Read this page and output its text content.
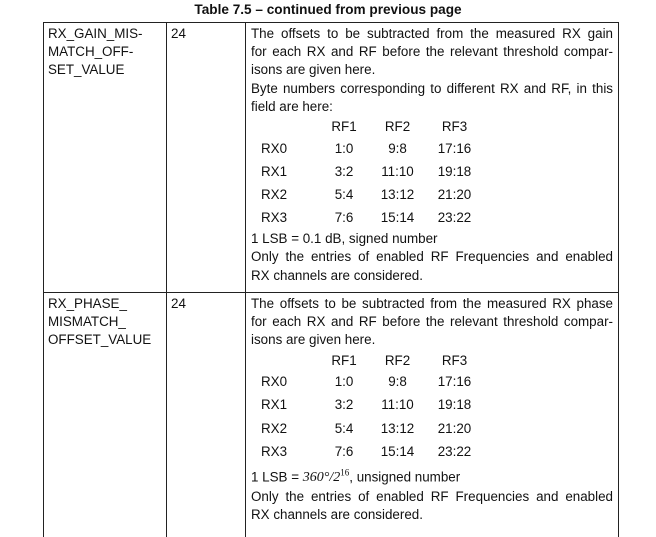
Table 7.5 – continued from previous page
RX_GAIN_MIS-
MATCH_OFF-
SET_VALUE
24	The offsets to be subtracted from the measured RX gain
for each RX and RF before the relevant threshold compar-
isons are given here.
Byte numbers corresponding to different RX and RF, in this
field are here:
	RF1	RF2	RF3
RX0	1:0	9:8	17:16
RX1	3:2	11:10	19:18
RX2	5:4	13:12	21:20
RX3	7:6	15:14	23:22
1 LSB = 0.1 dB, signed number
Only the entries of enabled RF Frequencies and enabled
RX channels are considered.
RX_PHASE_
MISMATCH_
OFFSET_VALUE
24	The offsets to be subtracted from the measured RX phase
for each RX and RF before the relevant threshold compar-
isons are given here.
	RF1	RF2	RF3
RX0	1:0	9:8	17:16
RX1	3:2	11:10	19:18
RX2	5:4	13:12	21:20
RX3	7:6	15:14	23:22
1 LSB = $360^\circ/2^{16}$, unsigned number
Only the entries of enabled RF Frequencies and enabled
RX channels are considered.
